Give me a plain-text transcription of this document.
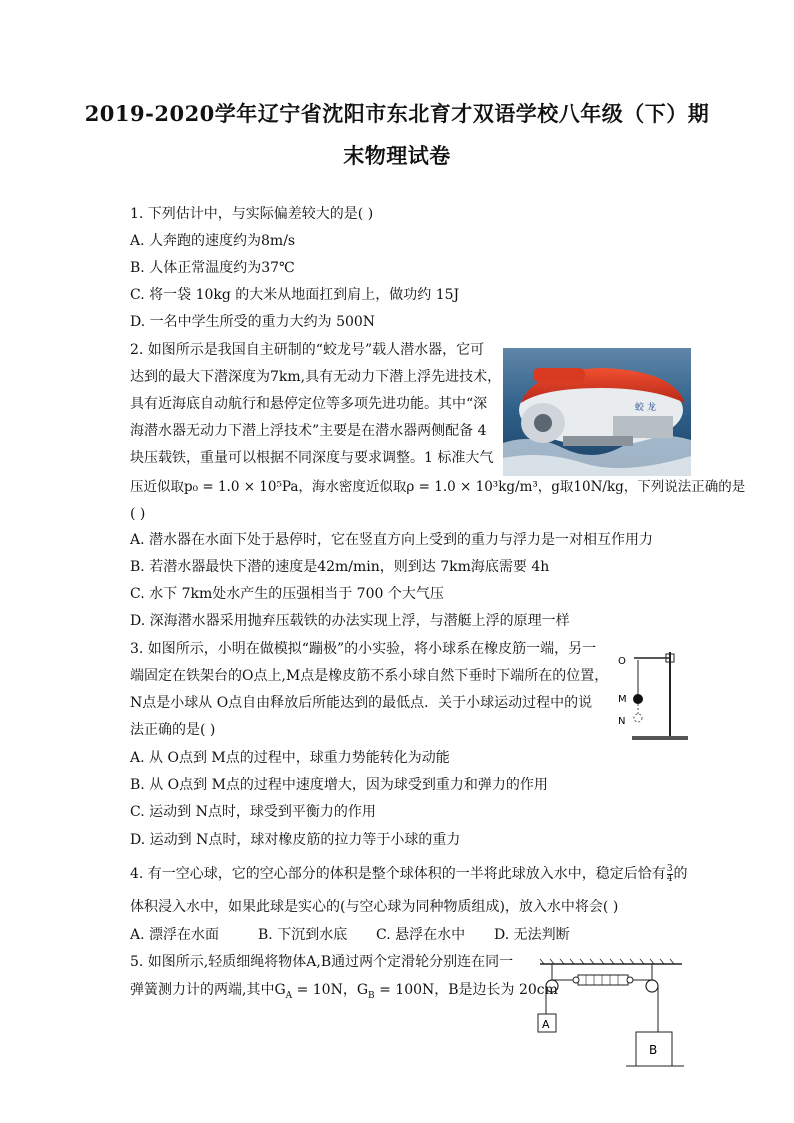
2019-2020学年辽宁省沈阳市东北育才双语学校八年级（下）期
末物理试卷
1. 下列估计中，与实际偏差较大的是( )
A. 人奔跑的速度约为8m/s
B. 人体正常温度约为37℃
C. 将一袋 10kg 的大米从地面扛到肩上，做功约 15J
D. 一名中学生所受的重力大约为 500N
2. 如图所示是我国自主研制的“蛟龙号”载人潜水器，它可
达到的最大下潜深度为7km,具有无动力下潜上浮先进技术，
具有近海底自动航行和悬停定位等多项先进功能。其中“深
海潜水器无动力下潜上浮技术”主要是在潜水器两侧配备 4
块压载铁，重量可以根据不同深度与要求调整。1 标准大气
压近似取p₀ = 1.0 × 10⁵Pa，海水密度近似取ρ = 1.0 × 10³kg/m³，g取10N/kg，下列说法正确的是
( )
A. 潜水器在水面下处于悬停时，它在竖直方向上受到的重力与浮力是一对相互作用力
B. 若潜水器最快下潜的速度是42m/min，则到达 7km海底需要 4h
C. 水下 7km处水产生的压强相当于 700 个大气压
D. 深海潜水器采用抛弃压载铁的办法实现上浮，与潜艇上浮的原理一样
蛟 龙
3. 如图所示，小明在做模拟“蹦极”的小实验，将小球系在橡皮筋一端，另一
端固定在铁架台的O点上,M点是橡皮筋不系小球自然下垂时下端所在的位置，
N点是小球从 O点自由释放后所能达到的最低点．关于小球运动过程中的说
法正确的是( )
A. 从 O点到 M点的过程中，球重力势能转化为动能
B. 从 O点到 M点的过程中速度增大，因为球受到重力和弹力的作用
C. 运动到 N点时，球受到平衡力的作用
D. 运动到 N点时，球对橡皮筋的拉力等于小球的重力
O
M
N
4. 有一空心球，它的空心部分的体积是整个球体积的一半将此球放入水中，稳定后恰有 $\frac{3}{4}$ 的
体积浸入水中，如果此球是实心的(与空心球为同种物质组成)，放入水中将会( )
A. 漂浮在水面	B. 下沉到水底 C. 悬浮在水中 D. 无法判断
5. 如图所示,轻质细绳将物体A,B通过两个定滑轮分别连在同一
弹簧测力计的两端,其中$G_A = 10N$，$G_B = 100N$，B是边长为 20cm
A
B
